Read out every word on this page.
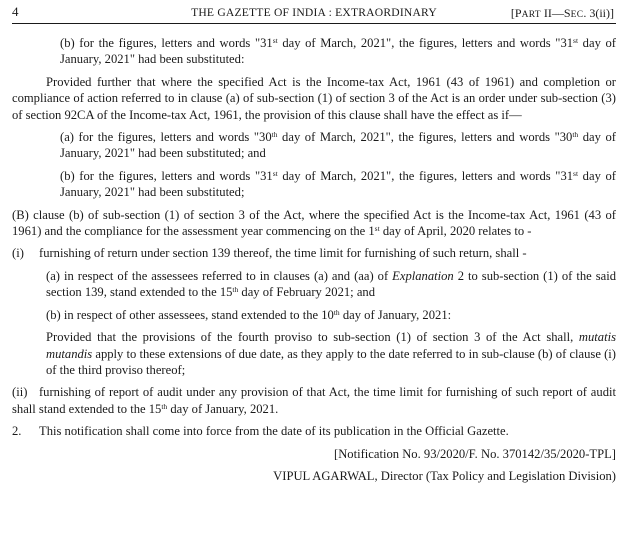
4	THE GAZETTE OF INDIA : EXTRAORDINARY	[PART II—SEC. 3(ii)]

(b) for the figures, letters and words "31st day of March, 2021", the figures, letters and words "31st day of January, 2021" had been substituted:

Provided further that where the specified Act is the Income-tax Act, 1961 (43 of 1961) and completion or compliance of action referred to in clause (a) of sub-section (1) of section 3 of the Act is an order under sub-section (3) of section 92CA of the Income-tax Act, 1961, the provision of this clause shall have the effect as if—

(a) for the figures, letters and words "30th day of March, 2021", the figures, letters and words "30th day of January, 2021" had been substituted; and

(b) for the figures, letters and words "31st day of March, 2021", the figures, letters and words "31st day of January, 2021" had been substituted;

(B) clause (b) of sub-section (1) of section 3 of the Act, where the specified Act is the Income-tax Act, 1961 (43 of 1961) and the compliance for the assessment year commencing on the 1st day of April, 2020 relates to -

(i) furnishing of return under section 139 thereof, the time limit for furnishing of such return, shall -

(a) in respect of the assessees referred to in clauses (a) and (aa) of Explanation 2 to sub-section (1) of the said section 139, stand extended to the 15th day of February 2021; and

(b) in respect of other assessees, stand extended to the 10th day of January, 2021:

Provided that the provisions of the fourth proviso to sub-section (1) of section 3 of the Act shall, mutatis mutandis apply to these extensions of due date, as they apply to the date referred to in sub-clause (b) of clause (i) of the third proviso thereof;

(ii)   furnishing of report of audit under any provision of that Act, the time limit for furnishing of such report of audit shall stand extended to the 15th day of January, 2021.

2. This notification shall come into force from the date of its publication in the Official Gazette.

[Notification No. 93/2020/F. No. 370142/35/2020-TPL]

VIPUL AGARWAL, Director (Tax Policy and Legislation Division)
